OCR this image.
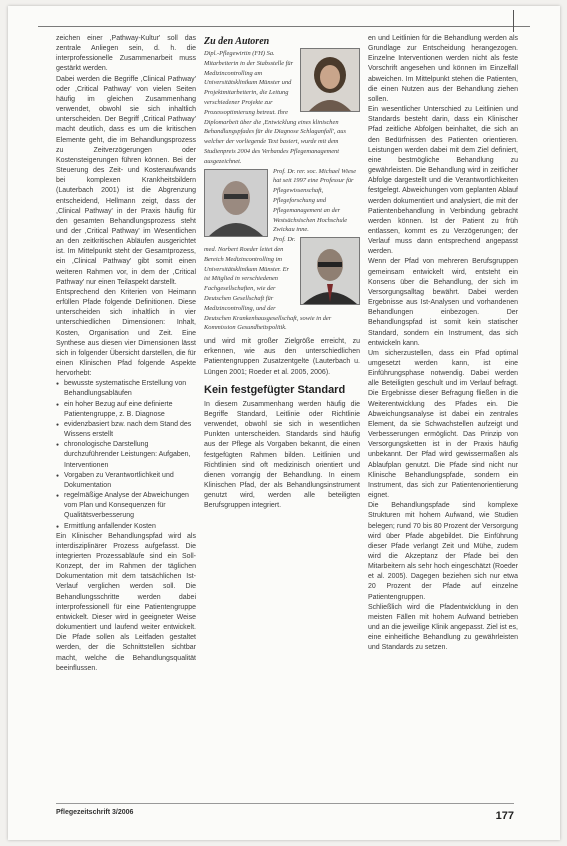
zeichen einer ,Pathway-Kultur' soll das zentrale Anliegen sein, d. h. die interprofessionelle Zusammenarbeit muss gestärkt werden.
Dabei werden die Begriffe ,Clinical Pathway' oder ,Critical Pathway' von vielen Seiten häufig im gleichen Zusammenhang verwendet, obwohl sie sich inhaltlich unterscheiden. Der Begriff ,Critical Pathway' macht deutlich, dass es um die kritischen Elemente geht, die im Behandlungsprozess zu Zeitverzögerungen oder Kostensteigerungen führen können. Bei der Steuerung des Zeit- und Kostenaufwands bei komplexen Krankheitsbildern (Lauterbach 2001) ist die Abgrenzung entscheidend, Hellmann zeigt, dass der ,Clinical Pathway' in der Praxis häufig für den gesamten Behandlungsprozess steht und der ,Critical Pathway' im Wesentlichen an den zeitkritischen Abläufen ausgerichtet ist. Im Mittelpunkt steht der Gesamtprozess, ein ,Clinical Pathway' gibt somit einen weiteren Rahmen vor, in dem der ,Critical Pathway' nur einen Teilaspekt darstellt.
Entsprechend den Kriterien von Heimann erfüllen Pfade folgende Definitionen. Diese unterscheiden sich inhaltlich in vier unterschiedlichen Dimensionen: Inhalt, Kosten, Organisation und Zeit. Eine Synthese aus diesen vier Dimensionen lässt sich in folgender Übersicht darstellen, die für einen Klinischen Pfad folgende Aspekte hervorhebt:
● bewusste systematische Erstellung von Behandlungsabläufen
● ein hoher Bezug auf eine definierte Patientengruppe, z. B. Diagnose
● evidenzbasiert bzw. nach dem Stand des Wissens erstellt
● chronologische Darstellung durchzuführender Leistungen: Aufgaben, Interventionen
● Vorgaben zu Verantwortlichkeit und Dokumentation
● regelmäßige Analyse der Abweichungen vom Plan und Konsequenzen für Qualitätsverbesserung
● Ermittlung anfallender Kosten
Ein Klinischer Behandlungspfad wird als interdisziplinärer Prozess aufgefasst. Die integrierten Prozessabläufe sind ein Soll-Konzept, der im Rahmen der täglichen Dokumentation mit dem tatsächlichen Ist-Verlauf verglichen werden soll. Die Behandlungsschritte werden dabei interprofessionell für eine Patientengruppe entwickelt. Dieser wird in geeigneter Weise dokumentiert und laufend weiter entwickelt. Die Pfade sollen als Leitfaden gestaltet werden, der die Schnittstellen sichtbar macht, welche die Behandlungsqualität beeinflussen.
Zu den Autoren
Dipl.-Pflegewirtin (FH) Sa. Mitarbeiterin in der Stabsstelle für Medizincontrolling am Universitätsklinikum Münster und Projektmitarbeiterin, die Leitung verschiedener Projekte zur Prozessoptimierung betreut. Ihre Diplomarbeit über die ,Entwicklung eines klinischen Behandlungspfades für die Diagnose Schlaganfall', aus welcher der vorliegende Text basiert, wurde mit dem Studienpreis 2004 des Verbandes Pflegemanagement ausgezeichnet.
Prof. Dr. rer. soc. Michael Wiese hat seit 1997 eine Professur für Pflegewissenschaft, Pflegeforschung und Pflegemanagement an der Westsächsischen Hochschule Zwickau inne.
Prof. Dr. med. Norbert Roeder leitet den Bereich Medizincontrolling im Universitätsklinikum Münster. Er ist Mitglied in verschiedenen Fachgesellschaften, wie der Deutschen Gesellschaft für Medizincontrolling, und der Deutschen Krankenhausgesellschaft, sowie in der Kommission Gesundheitspolitik.
und wird mit großer Zielgröße erreicht, zu erkennen, wie aus den unterschiedlichen Patientengruppen Zusatzentgelte (Lauterbach u. Lüngen 2001; Roeder et al. 2005, 2006).
Kein festgefügter Standard
In diesem Zusammenhang werden häufig die Begriffe Standard, Leitlinie oder Richtlinie verwendet, obwohl sie sich in wesentlichen Punkten unterscheiden. Standards sind häufig aus der Pflege als Vorgaben bekannt, die einen festgefügten Rahmen bilden. Leitlinien und Richtlinien sind oft medizinisch orientiert und dienen vorrangig der Behandlung. In einem Klinischen Pfad, der als Behandlungsinstrument genutzt wird, werden alle beteiligten Berufsgruppen integriert.
en und Leitlinien für die Behandlung werden als Grundlage zur Entscheidung herangezogen. Einzelne Interventionen werden nicht als feste Vorschrift angesehen und können im Einzelfall abweichen. Im Mittelpunkt stehen die Patienten, die einen Nutzen aus der Behandlung ziehen sollen.
Ein wesentlicher Unterschied zu Leitlinien und Standards besteht darin, dass ein Klinischer Pfad zeitliche Abfolgen beinhaltet, die sich an den Bedürfnissen des Patienten orientieren. Leistungen werden dabei mit dem Ziel definiert, eine bestmögliche Behandlung zu gewährleisten. Die Behandlung wird in zeitlicher Abfolge dargestellt und die Verantwortlichkeiten festgelegt. Abweichungen vom geplanten Ablauf werden dokumentiert und analysiert, die mit der Patientenbehandlung in Verbindung gebracht werden können. Ist der Patient zu früh entlassen, kommt es zu Verzögerungen; der Verlauf muss dann entsprechend angepasst werden.
Wenn der Pfad von mehreren Berufsgruppen gemeinsam entwickelt wird, entsteht ein Konsens über die Behandlung, der sich im Versorgungsalltag bewährt. Dabei werden Ergebnisse aus Ist-Analysen und vorhandenen Behandlungen einbezogen. Der Behandlungspfad ist somit kein statischer Standard, sondern ein Instrument, das sich entwickeln kann.
Um sicherzustellen, dass ein Pfad optimal umgesetzt werden kann, ist eine Einführungsphase notwendig. Dabei werden alle Beteiligten geschult und im Verlauf befragt. Die Ergebnisse dieser Befragung fließen in die Weiterentwicklung des Pfades ein. Die Abweichungsanalyse ist dabei ein zentrales Element, da sie Schwachstellen aufzeigt und Verbesserungen ermöglicht. Das Prinzip von Versorgungsketten ist in der Praxis häufig unbekannt. Der Pfad wird gewissermaßen als Ablaufplan genutzt. Die Pfade sind nicht nur Klinische Behandlungspfade, sondern ein Instrument, das sich zur Patientenorientierung eignet.
Die Behandlungspfade sind komplexe Strukturen mit hohem Aufwand, wie Studien belegen; rund 70 bis 80 Prozent der Versorgung wird über Pfade abgebildet. Die Einführung dieser Pfade verlangt Zeit und Mühe, zudem wird die Akzeptanz der Pfade bei den Mitarbeitern als sehr hoch eingeschätzt (Roeder et al. 2005). Dagegen beziehen sich nur etwa 20 Prozent der Pfade auf einzelne Patientengruppen.
Schließlich wird die Pfadentwicklung in den meisten Fällen mit hohem Aufwand betrieben und an die jeweilige Klinik angepasst. Ziel ist es, eine einheitliche Behandlung zu gewährleisten und Standards zu setzen.
Pflegezeitschrift 3/2006	177
